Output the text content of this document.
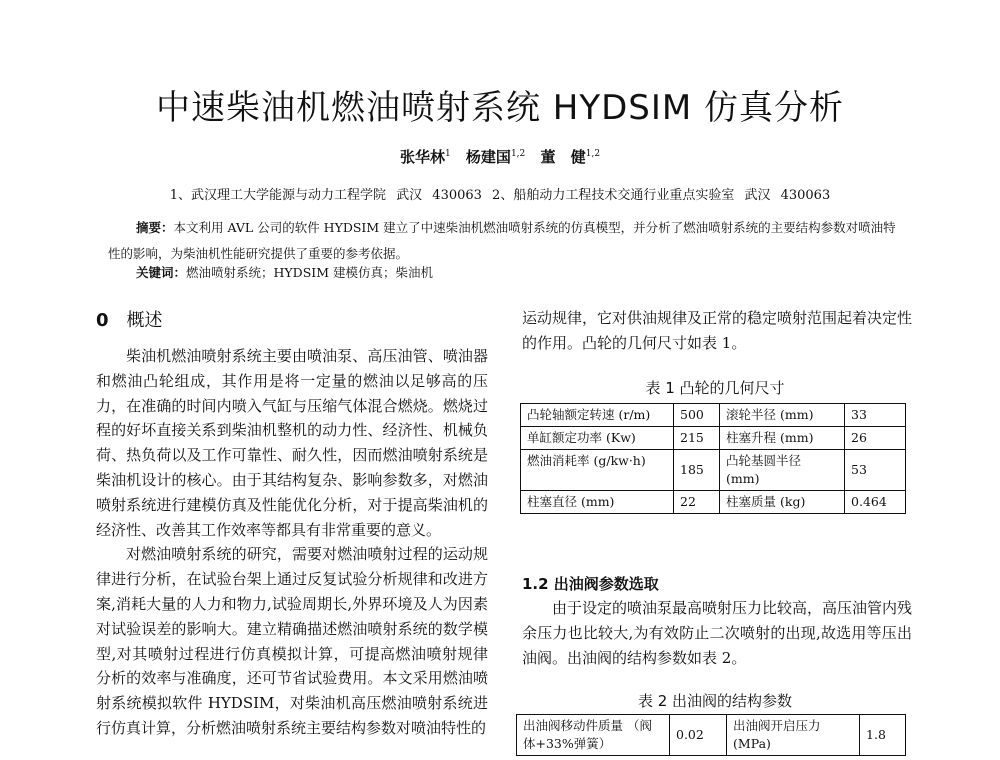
中速柴油机燃油喷射系统 HYDSIM 仿真分析
张华林$^1$ 杨建国$^{1,2}$ 董 健$^{1,2}$
1、武汉理工大学能源与动力工程学院 武汉 430063 2、船舶动力工程技术交通行业重点实验室 武汉 430063
摘要：本文利用 AVL 公司的软件 HYDSIM 建立了中速柴油机燃油喷射系统的仿真模型，并分析了燃油喷射系统的主要结构参数对喷油特性的影响，为柴油机性能研究提供了重要的参考依据。
关键词：燃油喷射系统；HYDSIM 建模仿真；柴油机
0 概述

柴油机燃油喷射系统主要由喷油泵、高压油管、喷油器和燃油凸轮组成，其作用是将一定量的燃油以足够高的压力，在准确的时间内喷入气缸与压缩气体混合燃烧。燃烧过程的好坏直接关系到柴油机整机的动力性、经济性、机械负荷、热负荷以及工作可靠性、耐久性，因而燃油喷射系统是柴油机设计的核心。由于其结构复杂、影响参数多，对燃油喷射系统进行建模仿真及性能优化分析，对于提高柴油机的经济性、改善其工作效率等都具有非常重要的意义。

对燃油喷射系统的研究，需要对燃油喷射过程的运动规律进行分析，在试验台架上通过反复试验分析规律和改进方案,消耗大量的人力和物力,试验周期长,外界环境及人为因素对试验误差的影响大。建立精确描述燃油喷射系统的数学模型,对其喷射过程进行仿真模拟计算，可提高燃油喷射规律分析的效率与准确度，还可节省试验费用。本文采用燃油喷射系统模拟软件 HYDSIM，对柴油机高压燃油喷射系统进行仿真计算，分析燃油喷射系统主要结构参数对喷油特性的

运动规律，它对供油规律及正常的稳定喷射范围起着决定性的作用。凸轮的几何尺寸如表 1。

表 1 凸轮的几何尺寸
凸轮轴额定转速 (r/m)	500	滚轮半径 (mm)	33
单缸额定功率 (Kw)	215	柱塞升程 (mm)	26
燃油消耗率 (g/kw·h)	185	凸轮基圆半径 (mm)	53
柱塞直径 (mm)	22	柱塞质量 (kg)	0.464
1.2 出油阀参数选取

由于设定的喷油泵最高喷射压力比较高，高压油管内残余压力也比较大,为有效防止二次喷射的出现,故选用等压出油阀。出油阀的结构参数如表 2。

表 2 出油阀的结构参数
出油阀移动件质量 （阀体+33%弹簧）	0.02	出油阀开启压力 (MPa)	1.8
